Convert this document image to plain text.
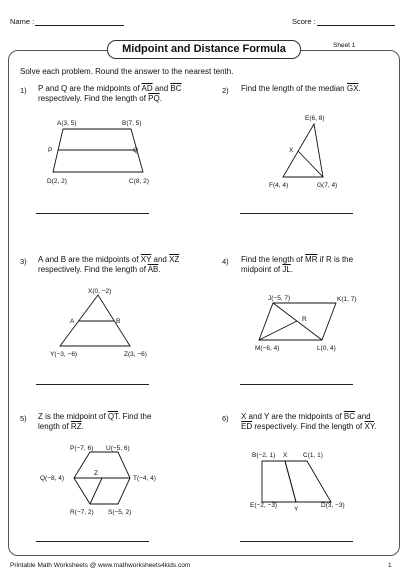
Name :	Score :
Midpoint and Distance Formula	Sheet 1
Solve each problem. Round the answer to the nearest tenth.
1) P and Q are the midpoints of $\overline{AD}$ and $\overline{BC}$
respectively. Find the length of $\overline{PQ}$.
A(3, 5)	B(7, 5)
P	Q
D(2, 2)	C(8, 2)
2) Find the length of the median $\overline{GX}$.
E(6, 8)
X
F(4, 4)	G(7, 4)
3) A and B are the midpoints of $\overline{XY}$ and $\overline{XZ}$
respectively. Find the length of $\overline{AB}$.
X(0, −2)
A	B
Y(−3, −6)	Z(3, −6)
4) Find the length of $\overline{MR}$ if R is the
midpoint of $\overline{JL}$.
J(−5, 7)	K(1, 7)
R
M(−6, 4)	L(0, 4)
5) Z is the midpoint of $\overline{QT}$. Find the
length of $\overline{RZ}$.
P(−7, 6) U(−5, 6)
Q(−8, 4)
Z
T(−4, 4)
R(−7, 2) S(−5, 2)
6) X and Y are the midpoints of $\overline{BC}$ and
$\overline{ED}$ respectively. Find the length of $\overline{XY}$.
B(−2, 1) X C(1, 1)
E(−2, −3)
Y
D(3, −3)
Printable Math Worksheets @ www.mathworksheets4kids.com	1
